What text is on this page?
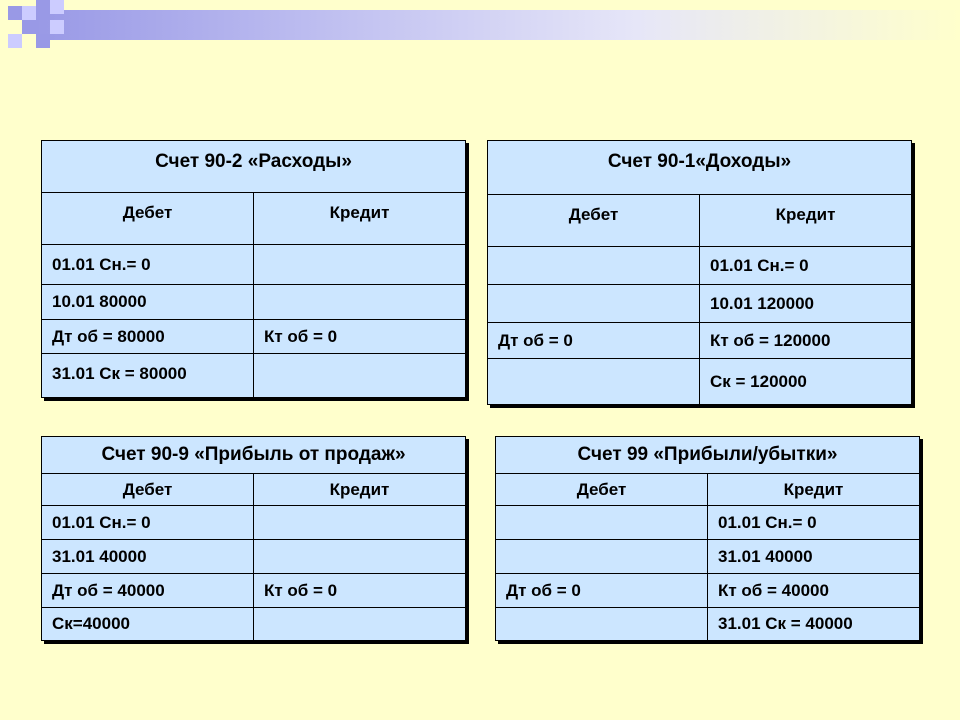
Счет 90-2 «Расходы»	
Дебет	Кредит
01.01 Сн.= 0	
10.01 80000	
Дт об = 80000	Кт об = 0
31.01 Ск = 80000	
Счет 90-1«Доходы»	
Дебет	Кредит
	01.01 Сн.= 0
	10.01 120000
Дт об = 0	Кт об = 120000
	Ск = 120000
Счет 90-9 «Прибыль от продаж»	
Дебет	Кредит
01.01 Сн.= 0	
31.01 40000	
Дт об = 40000	Кт об = 0
Ск=40000	
Счет 99 «Прибыли/убытки»	
Дебет	Кредит
	01.01 Сн.= 0
	31.01 40000
Дт об = 0	Кт об = 40000
	31.01 Ск = 40000
